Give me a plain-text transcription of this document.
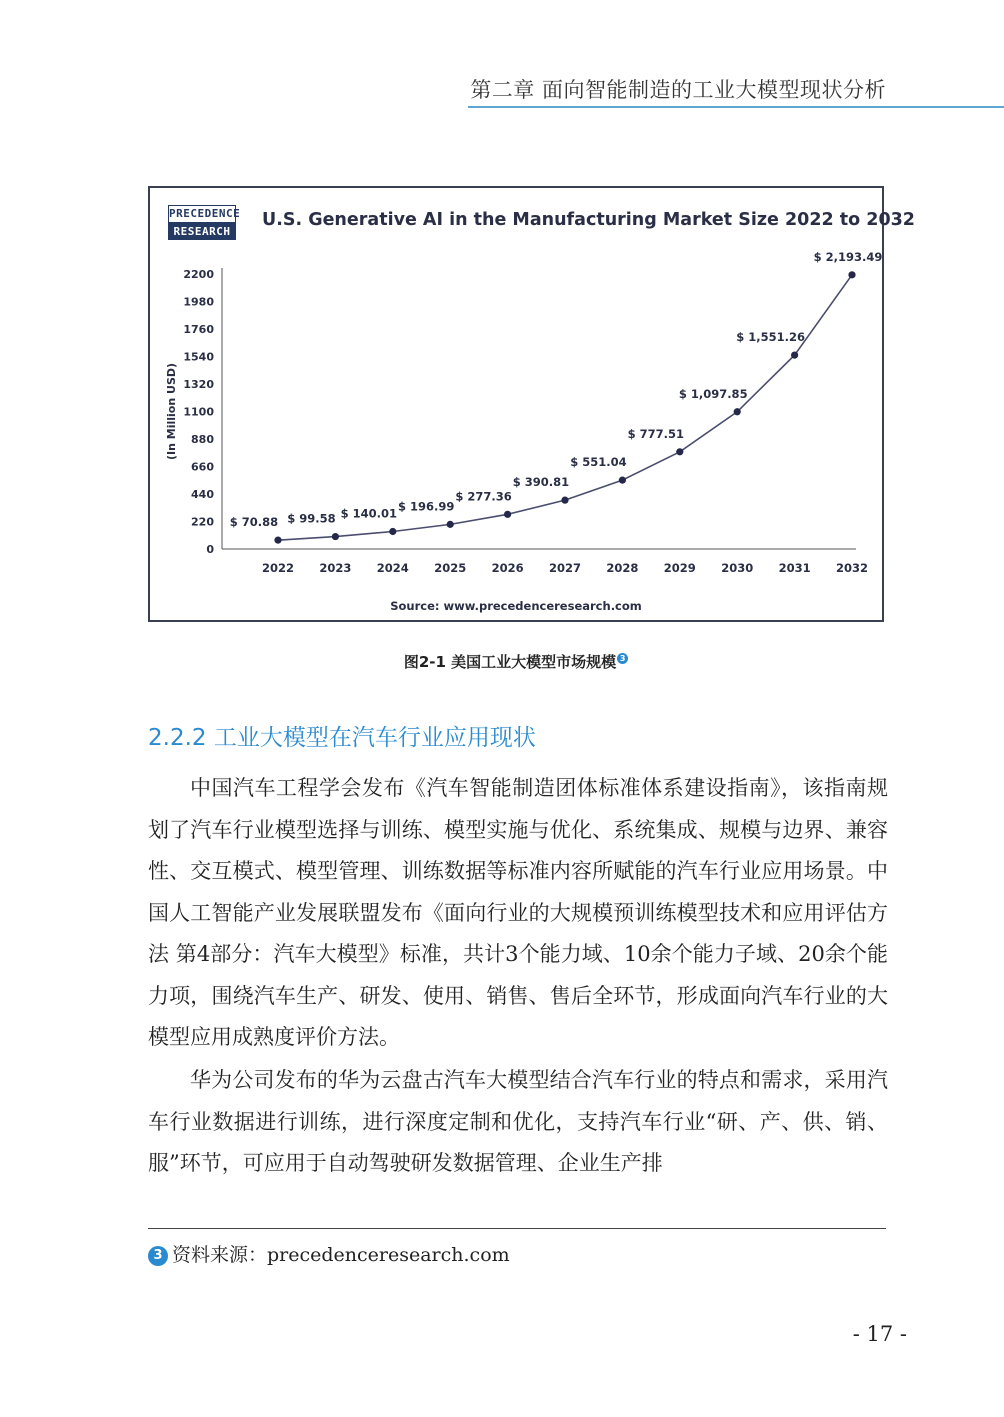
第二章 面向智能制造的工业大模型现状分析
PRECEDENCE
RESEARCH
U.S. Generative AI in the Manufacturing Market Size 2022 to 2032
0
220
440
660
880
1100
1320
1540
1760
1980
2200
(In Million USD)
2022 2023 2024 2025 2026 2027 2028 2029 2030 2031 2032
$ 70.88 $ 99.58 $ 140.01
$ 196.99
$ 277.36
$ 390.81
$ 551.04
$ 777.51
$ 1,097.85
$ 1,551.26
$ 2,193.49
Source: www.precedenceresearch.com
图2-1 美国工业大模型市场规模 3
2.2.2 工业大模型在汽车行业应用现状

中国汽车工程学会发布《汽车智能制造团体标准体系建设指南》，该指南规划了汽车行业模型选择与训练、模型实施与优化、系统集成、规模与边界、兼容性、交互模式、模型管理、训练数据等标准内容所赋能的汽车行业应用场景。中国人工智能产业发展联盟发布《面向行业的大规模预训练模型技术和应用评估方法 第4部分：汽车大模型》标准，共计3个能力域、10余个能力子域、20余个能力项，围绕汽车生产、研发、使用、销售、售后全环节，形成面向汽车行业的大模型应用成熟度评价方法。

华为公司发布的华为云盘古汽车大模型结合汽车行业的特点和需求，采用汽车行业数据进行训练，进行深度定制和优化，支持汽车行业“研、产、供、销、服”环节，可应用于自动驾驶研发数据管理、企业生产排

3 资料来源：precedenceresearch.com
- 17 -
